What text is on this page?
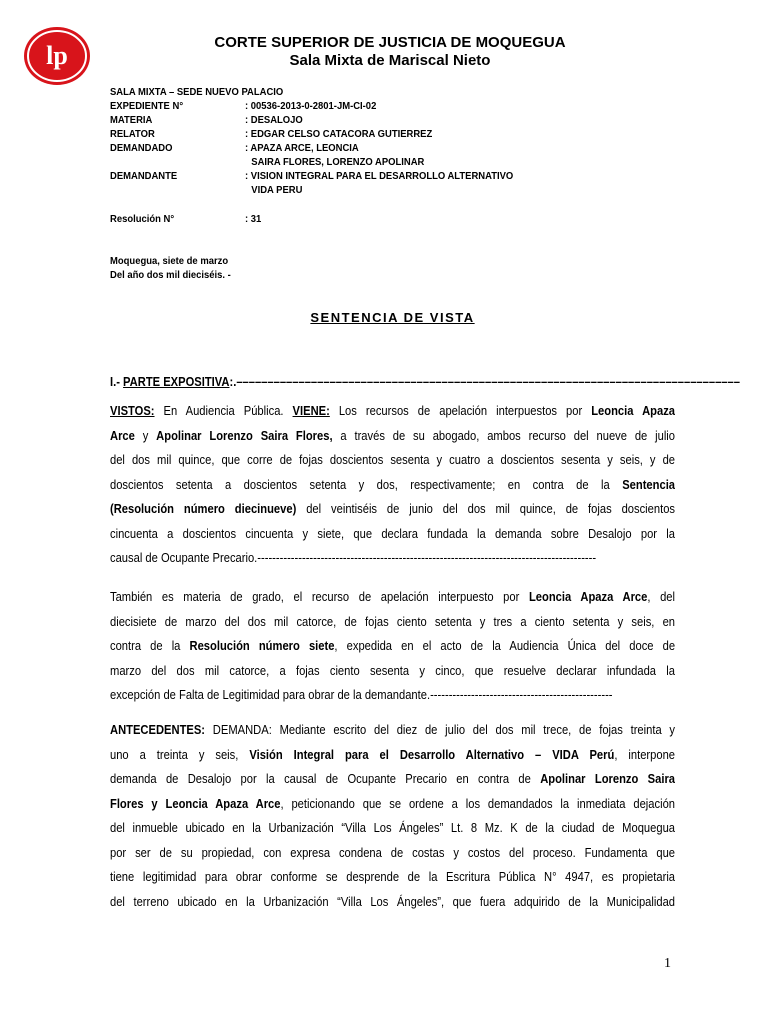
lp	CORTE SUPERIOR DE JUSTICIA DE MOQUEGUA
Sala Mixta de Mariscal Nieto
SALA MIXTA – SEDE NUEVO PALACIO
EXPEDIENTE N°	: 00536-2013-0-2801-JM-CI-02
MATERIA	: DESALOJO
RELATOR	: EDGAR CELSO CATACORA GUTIERREZ
DEMANDADO	: APAZA ARCE, LEONCIA
SAIRA FLORES, LORENZO APOLINAR
DEMANDANTE	: VISION INTEGRAL PARA EL DESARROLLO ALTERNATIVO
VIDA PERU
Resolución N°	: 31
Moquegua, siete de marzo
Del año dos mil dieciséis. -
SENTENCIA DE VISTA
I.- PARTE EXPOSITIVA:.–––––––––––––––––––––––––––––––––––––––––––––––––––––––––––––––––––––––––––––––––
VISTOS: En Audiencia Pública. VIENE: Los recursos de apelación interpuestos por Leoncia Apaza
Arce y Apolinar Lorenzo Saira Flores, a través de su abogado, ambos recurso del nueve de julio
del dos mil quince, que corre de fojas doscientos sesenta y cuatro a doscientos sesenta y seis, y de
doscientos setenta a doscientos setenta y dos, respectivamente; en contra de la Sentencia
(Resolución número diecinueve) del veintiséis de junio del dos mil quince, de fojas doscientos
cincuenta a doscientos cincuenta y siete, que declara fundada la demanda sobre Desalojo por la
causal de Ocupante Precario.-------------------------------------------------------------------------------------------
También es materia de grado, el recurso de apelación interpuesto por Leoncia Apaza Arce, del
diecisiete de marzo del dos mil catorce, de fojas ciento setenta y tres a ciento setenta y seis, en
contra de la Resolución número siete, expedida en el acto de la Audiencia Única del doce de
marzo del dos mil catorce, a fojas ciento sesenta y cinco, que resuelve declarar infundada la
excepción de Falta de Legitimidad para obrar de la demandante.-------------------------------------------------
ANTECEDENTES: DEMANDA: Mediante escrito del diez de julio del dos mil trece, de fojas treinta y
uno a treinta y seis, Visión Integral para el Desarrollo Alternativo – VIDA Perú, interpone
demanda de Desalojo por la causal de Ocupante Precario en contra de Apolinar Lorenzo Saira
Flores y Leoncia Apaza Arce, peticionando que se ordene a los demandados la inmediata dejación
del inmueble ubicado en la Urbanización “Villa Los Ángeles” Lt. 8 Mz. K de la ciudad de Moquegua
por ser de su propiedad, con expresa condena de costas y costos del proceso. Fundamenta que
tiene legitimidad para obrar conforme se desprende de la Escritura Pública N° 4947, es propietaria
del terreno ubicado en la Urbanización “Villa Los Ángeles”, que fuera adquirido de la Municipalidad
1
